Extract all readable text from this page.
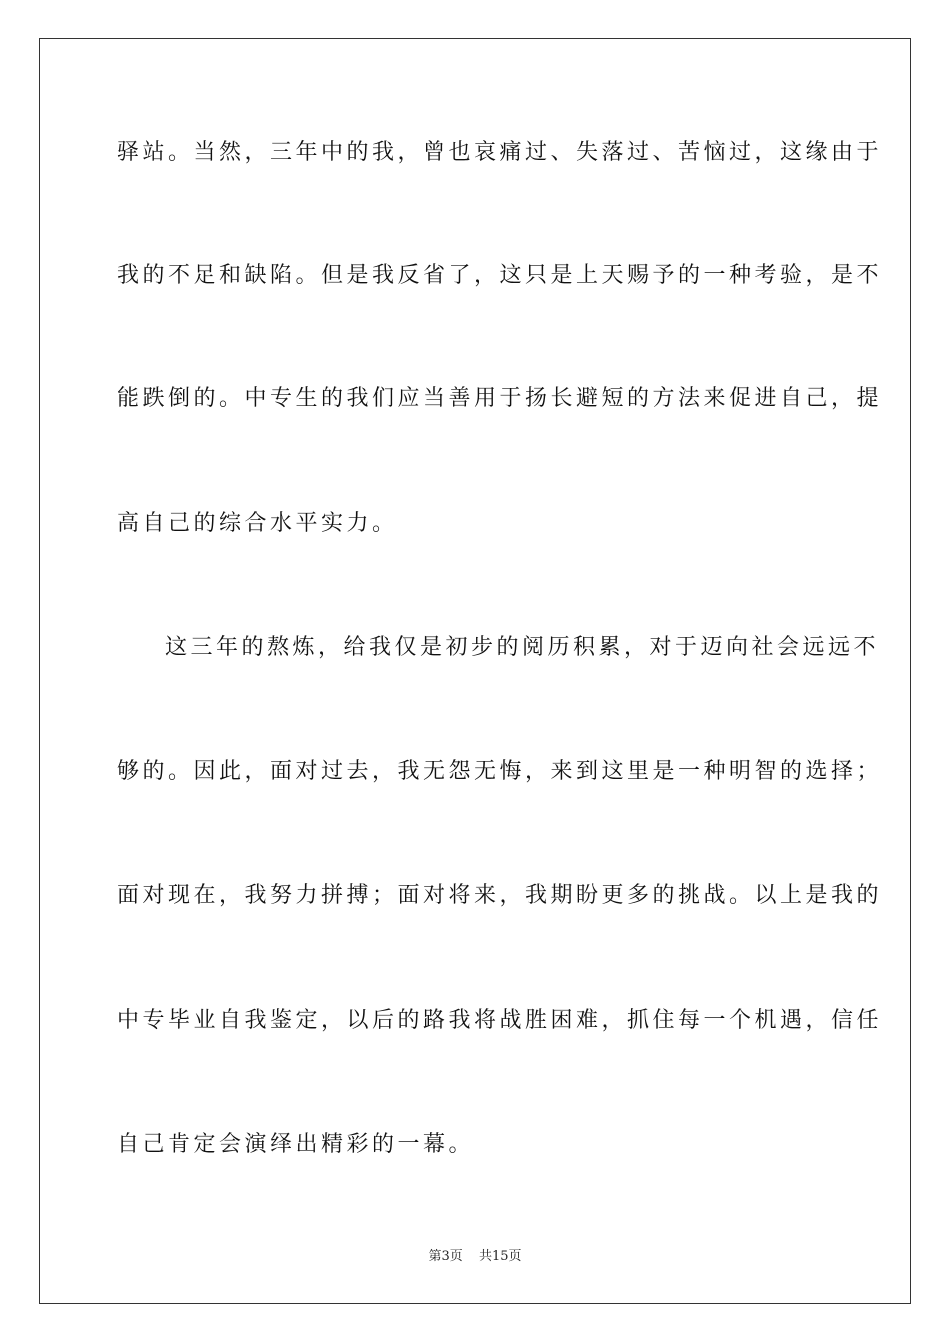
驿站。当然，三年中的我，曾也哀痛过、失落过、苦恼过，这缘由于
我的不足和缺陷。但是我反省了，这只是上天赐予的一种考验，是不
能跌倒的。中专生的我们应当善用于扬长避短的方法来促进自己，提
高自己的综合水平实力。
这三年的熬炼，给我仅是初步的阅历积累，对于迈向社会远远不
够的。因此，面对过去，我无怨无悔，来到这里是一种明智的选择；
面对现在，我努力拼搏；面对将来，我期盼更多的挑战。以上是我的
中专毕业自我鉴定，以后的路我将战胜困难，抓住每一个机遇，信任
自己肯定会演绎出精彩的一幕。
第3页 共15页
